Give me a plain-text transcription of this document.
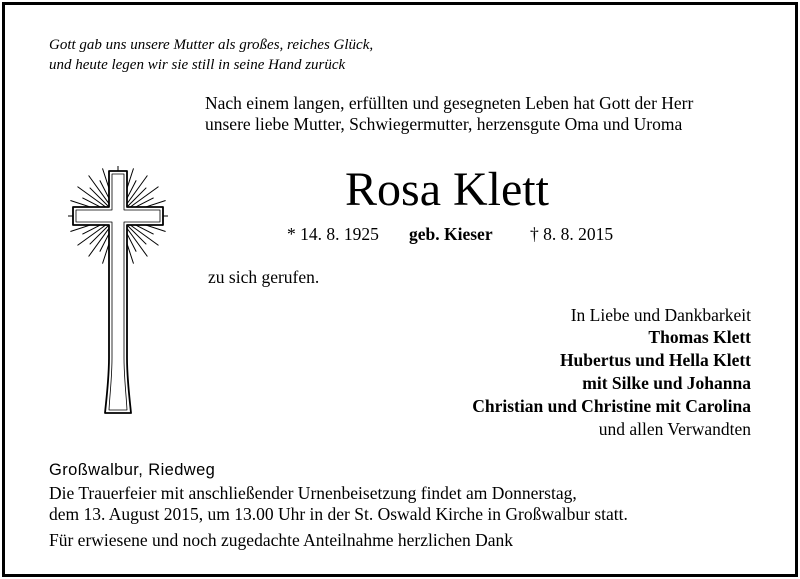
Gott gab uns unsere Mutter als großes, reiches Glück,
und heute legen wir sie still in seine Hand zurück
Nach einem langen, erfüllten und gesegneten Leben hat Gott der Herr
unsere liebe Mutter, Schwiegermutter, herzensgute Oma und Uroma
Rosa Klett
* 14. 8. 1925 geb. Kieser † 8. 8. 2015
zu sich gerufen.
In Liebe und Dankbarkeit
Thomas Klett
Hubertus und Hella Klett
mit Silke und Johanna
Christian und Christine mit Carolina
und allen Verwandten
Großwalbur, Riedweg
Die Trauerfeier mit anschließender Urnenbeisetzung findet am Donnerstag,
dem 13. August 2015, um 13.00 Uhr in der St. Oswald Kirche in Großwalbur statt.
Für erwiesene und noch zugedachte Anteilnahme herzlichen Dank
